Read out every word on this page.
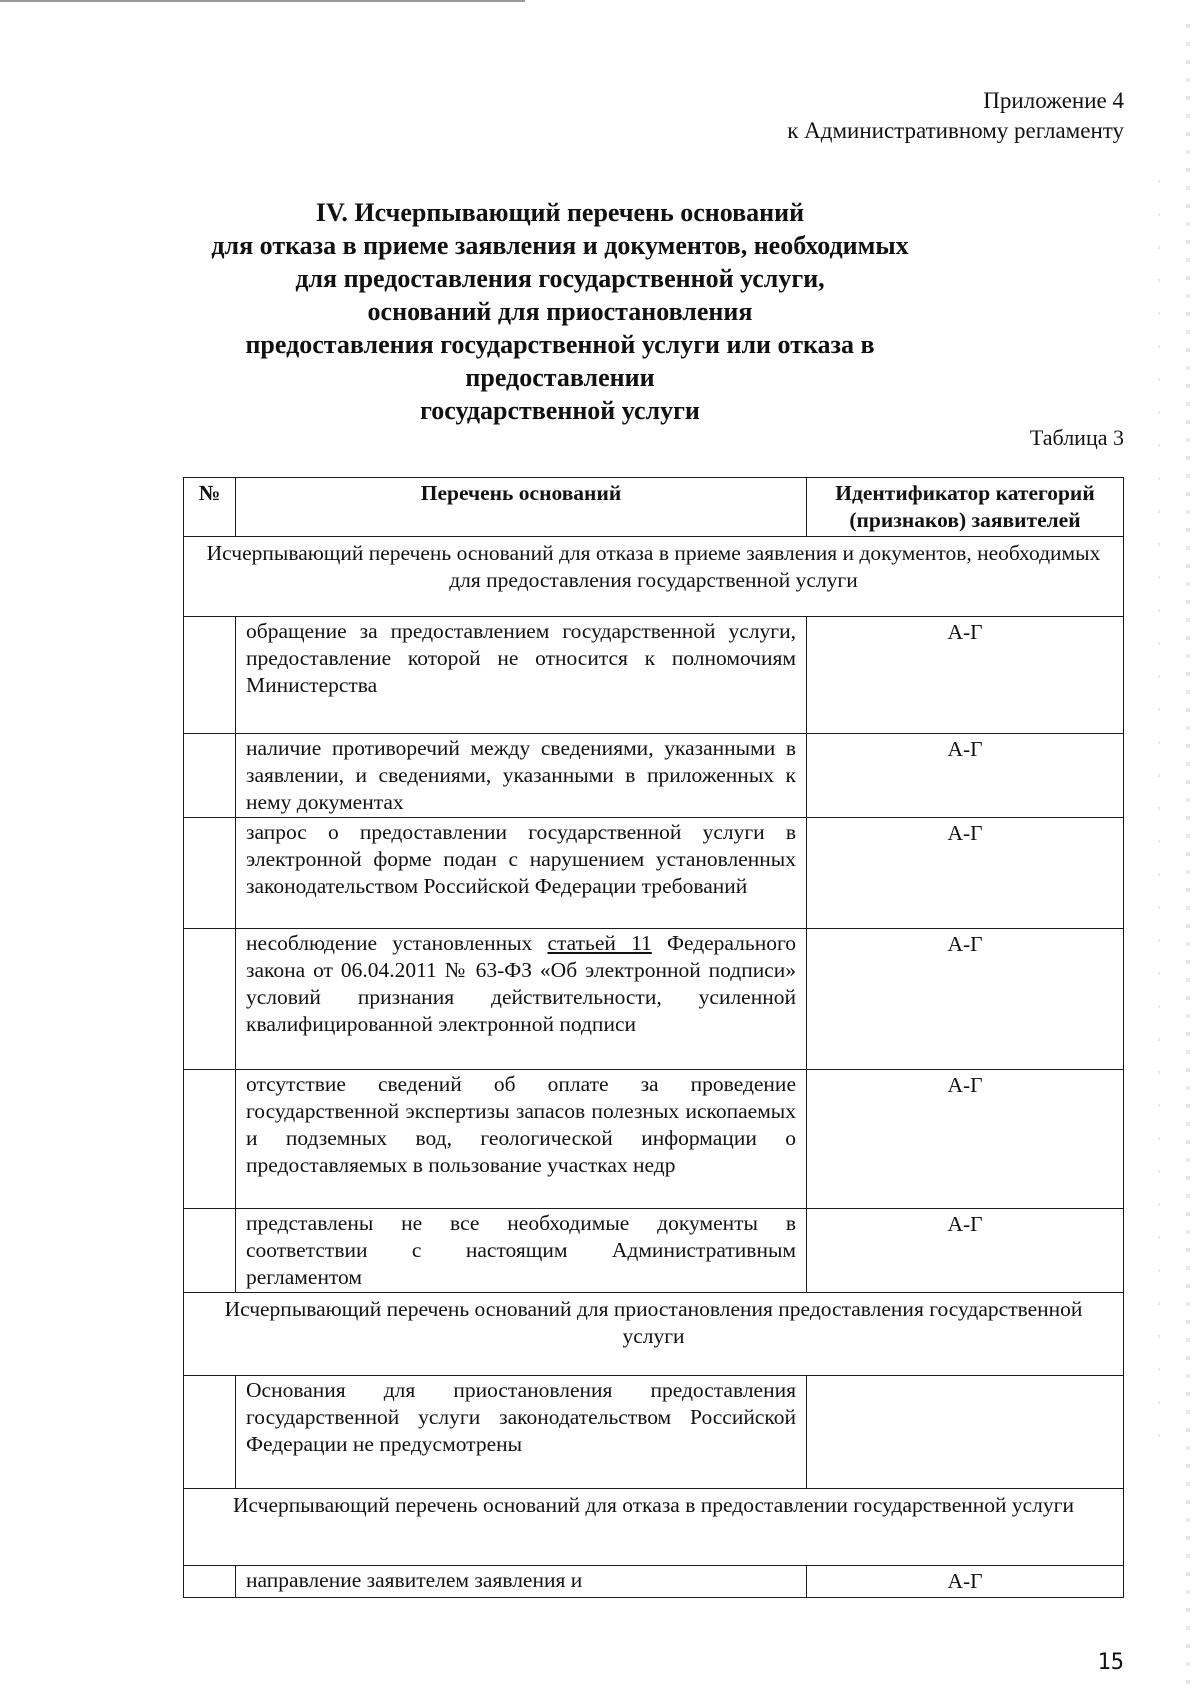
Приложение 4
к Административному регламенту
IV. Исчерпывающий перечень оснований
для отказа в приеме заявления и документов, необходимых
для предоставления государственной услуги,
оснований для приостановления
предоставления государственной услуги или отказа в предоставлении
государственной услуги
Таблица 3
№	Перечень оснований	Идентификатор категорий (признаков) заявителей
Исчерпывающий перечень оснований для отказа в приеме заявления и документов, необходимых для предоставления государственной услуги		
	обращение за предоставлением государственной услуги, предоставление которой не относится к полномочиям Министерства	А-Г
	наличие противоречий между сведениями, указанными в заявлении, и сведениями, указанными в приложенных к нему документах	А-Г
	запрос о предоставлении государственной услуги в электронной форме подан с нарушением установленных законодательством Российской Федерации требований	А-Г
	несоблюдение установленных статьей 11 Федерального закона от 06.04.2011 № 63-ФЗ «Об электронной подписи» условий признания действительности, усиленной квалифицированной электронной подписи	А-Г
	отсутствие сведений об оплате за проведение государственной экспертизы запасов полезных ископаемых и подземных вод, геологической информации о предоставляемых в пользование участках недр	А-Г
	представлены не все необходимые документы в соответствии с настоящим Административным регламентом	А-Г
Исчерпывающий перечень оснований для приостановления предоставления государственной услуги		
	Основания для приостановления предоставления государственной услуги законодательством Российской Федерации не предусмотрены	
Исчерпывающий перечень оснований для отказа в предоставлении государственной услуги		
	направление заявителем заявления и	А-Г
15
